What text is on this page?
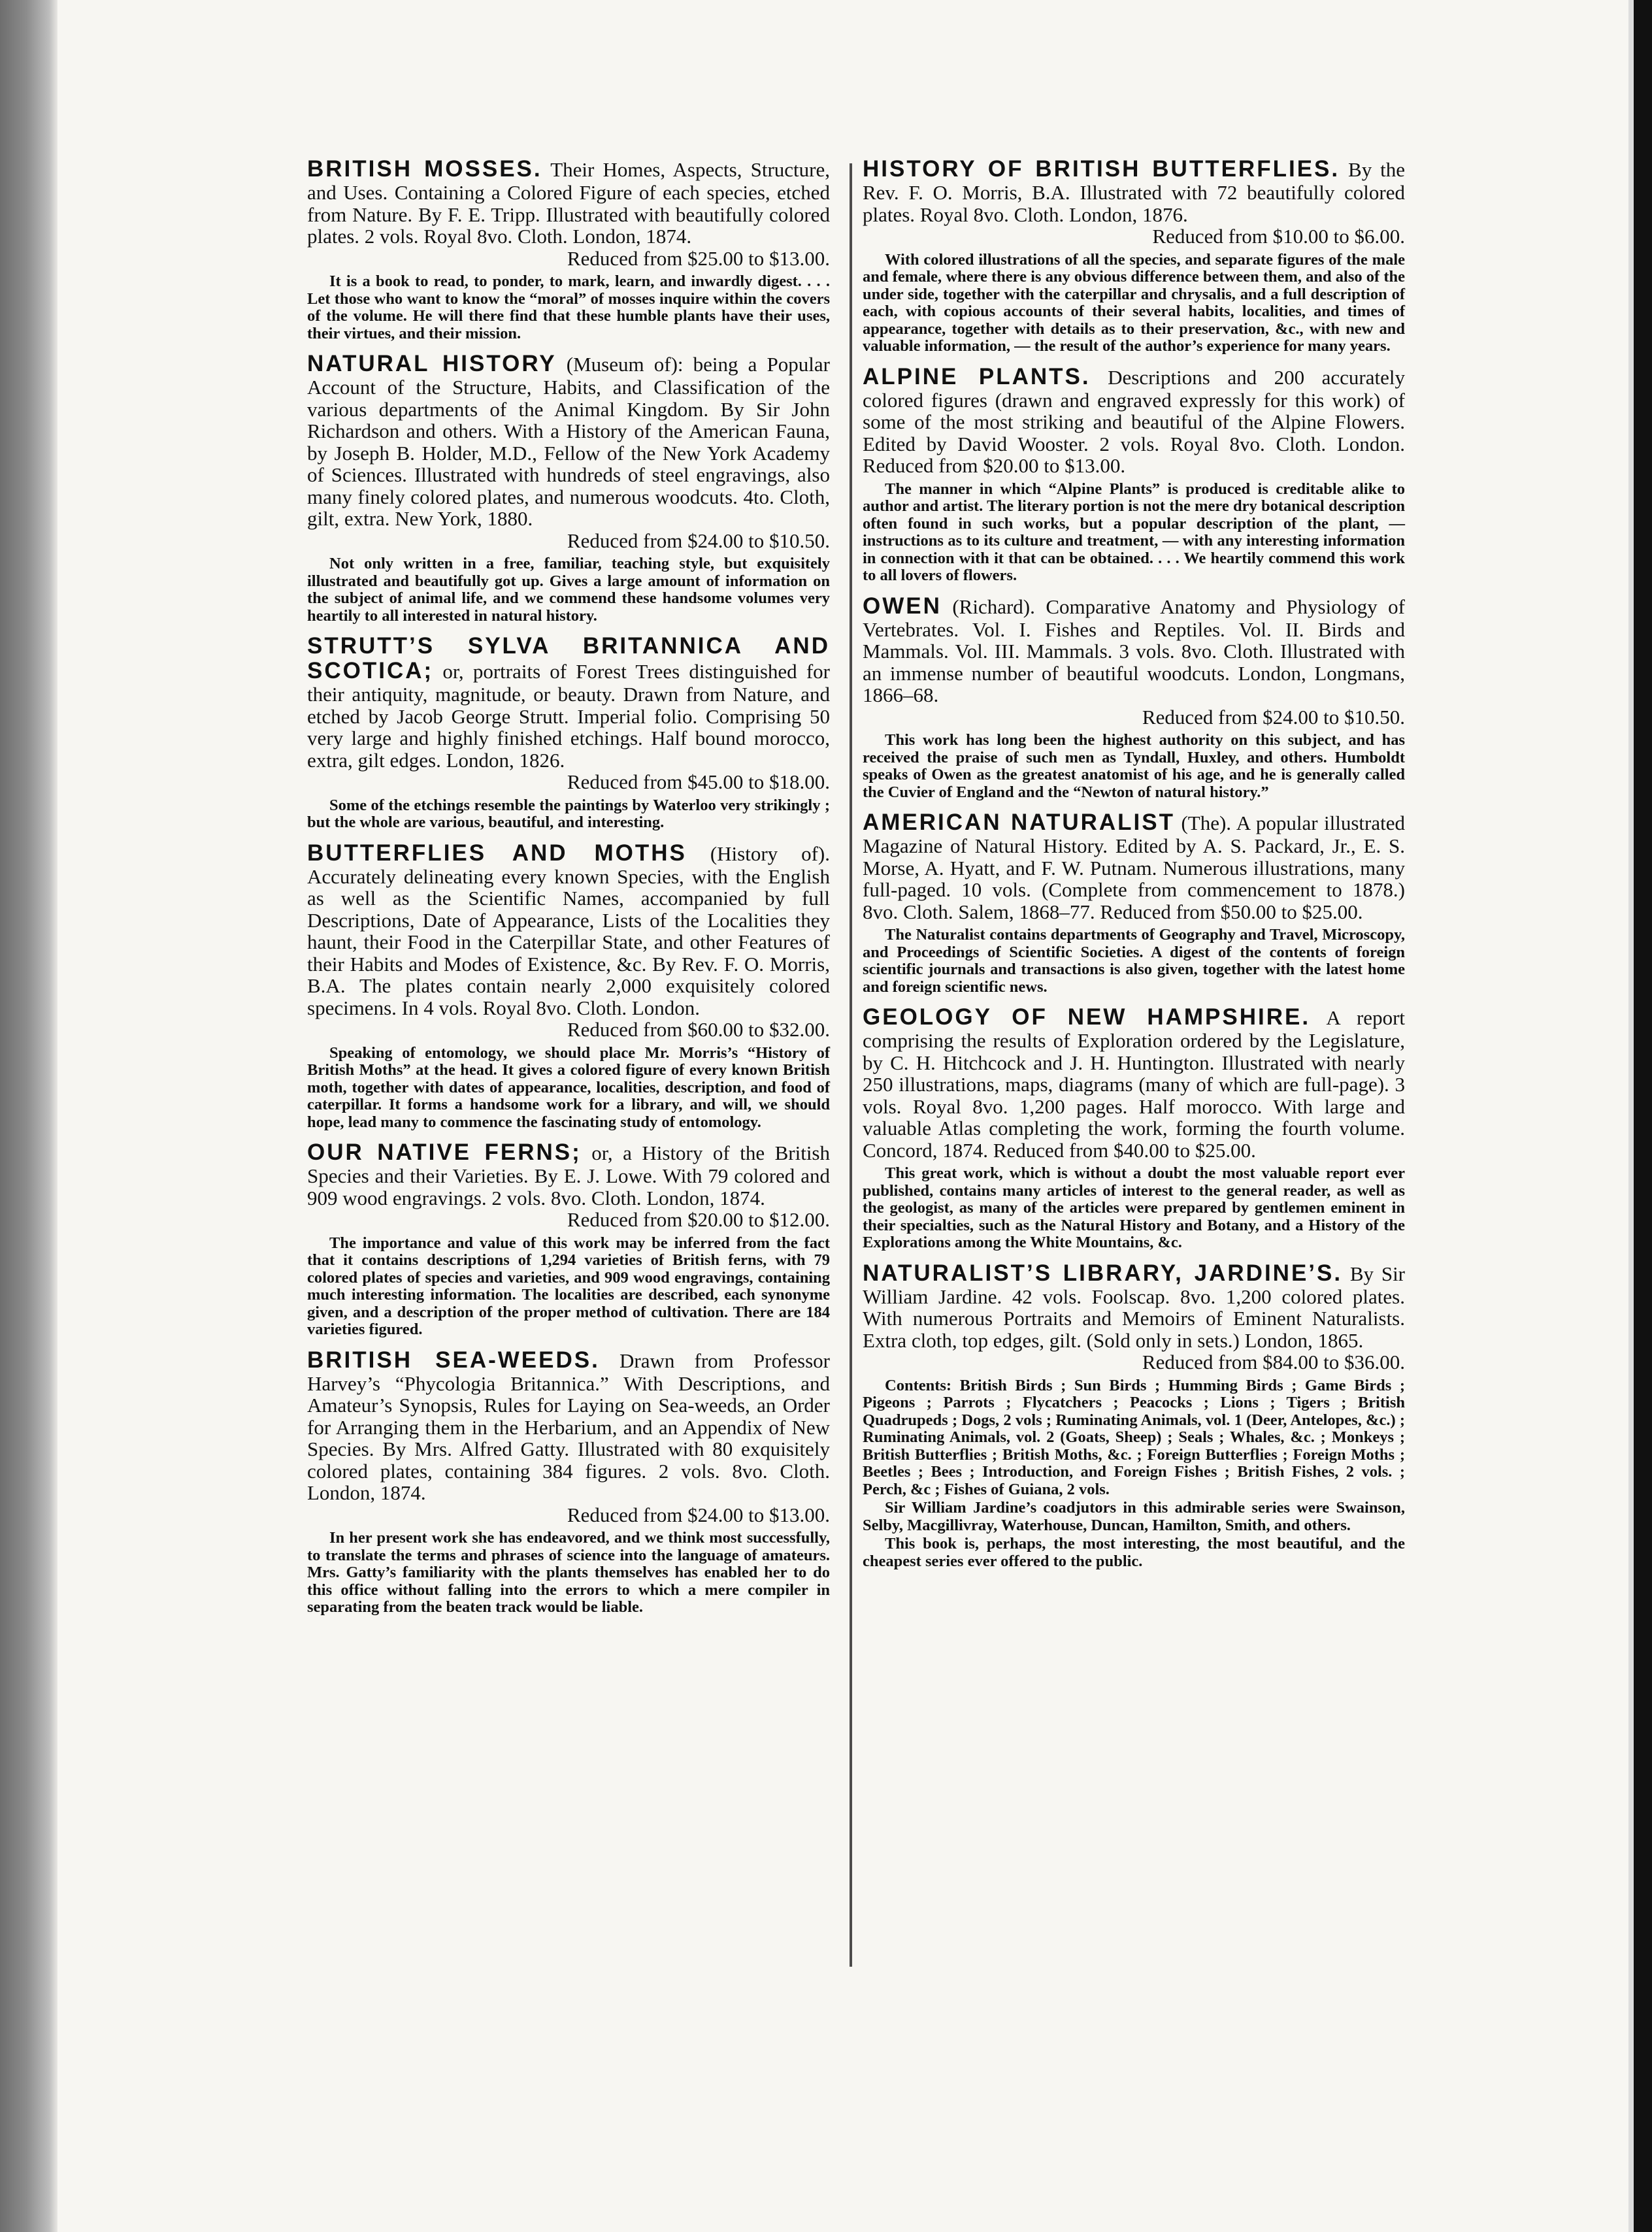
BRITISH MOSSES. Their Homes, Aspects, Structure, and Uses. Containing a Colored Figure of each species, etched from Nature. By F. E. Tripp. Illustrated with beautifully colored plates. 2 vols. Royal 8vo. Cloth. London, 1874.
Reduced from $25.00 to $13.00.
It is a book to read, to ponder, to mark, learn, and inwardly digest. . . . Let those who want to know the “moral” of mosses inquire within the covers of the volume. He will there find that these humble plants have their uses, their virtues, and their mission.
NATURAL HISTORY (Museum of): being a Popular Account of the Structure, Habits, and Classification of the various departments of the Animal Kingdom. By Sir John Richardson and others. With a History of the American Fauna, by Joseph B. Holder, M.D., Fellow of the New York Academy of Sciences. Illustrated with hundreds of steel engravings, also many finely colored plates, and numerous woodcuts. 4to. Cloth, gilt, extra. New York, 1880.
Reduced from $24.00 to $10.50.
Not only written in a free, familiar, teaching style, but exquisitely illustrated and beautifully got up. Gives a large amount of information on the subject of animal life, and we commend these handsome volumes very heartily to all interested in natural history.
STRUTT’S SYLVA BRITANNICA AND SCOTICA; or, portraits of Forest Trees distinguished for their antiquity, magnitude, or beauty. Drawn from Nature, and etched by Jacob George Strutt. Imperial folio. Comprising 50 very large and highly finished etchings. Half bound morocco, extra, gilt edges. London, 1826.
Reduced from $45.00 to $18.00.
Some of the etchings resemble the paintings by Waterloo very strikingly ; but the whole are various, beautiful, and interesting.
BUTTERFLIES AND MOTHS (History of). Accurately delineating every known Species, with the English as well as the Scientific Names, accompanied by full Descriptions, Date of Appearance, Lists of the Localities they haunt, their Food in the Caterpillar State, and other Features of their Habits and Modes of Existence, &c. By Rev. F. O. Morris, B.A. The plates contain nearly 2,000 exquisitely colored specimens. In 4 vols. Royal 8vo. Cloth. London.
Reduced from $60.00 to $32.00.
Speaking of entomology, we should place Mr. Morris’s “History of British Moths” at the head. It gives a colored figure of every known British moth, together with dates of appearance, localities, description, and food of caterpillar. It forms a handsome work for a library, and will, we should hope, lead many to commence the fascinating study of entomology.
OUR NATIVE FERNS; or, a History of the British Species and their Varieties. By E. J. Lowe. With 79 colored and 909 wood engravings. 2 vols. 8vo. Cloth. London, 1874.
Reduced from $20.00 to $12.00.
The importance and value of this work may be inferred from the fact that it contains descriptions of 1,294 varieties of British ferns, with 79 colored plates of species and varieties, and 909 wood engravings, containing much interesting information. The localities are described, each synonyme given, and a description of the proper method of cultivation. There are 184 varieties figured.
BRITISH SEA-WEEDS. Drawn from Professor Harvey’s “Phycologia Britannica.” With Descriptions, and Amateur’s Synopsis, Rules for Laying on Sea-weeds, an Order for Arranging them in the Herbarium, and an Appendix of New Species. By Mrs. Alfred Gatty. Illustrated with 80 exquisitely colored plates, containing 384 figures. 2 vols. 8vo. Cloth. London, 1874.
Reduced from $24.00 to $13.00.
In her present work she has endeavored, and we think most successfully, to translate the terms and phrases of science into the language of amateurs. Mrs. Gatty’s familiarity with the plants themselves has enabled her to do this office without falling into the errors to which a mere compiler in separating from the beaten track would be liable.
HISTORY OF BRITISH BUTTERFLIES. By the Rev. F. O. Morris, B.A. Illustrated with 72 beautifully colored plates. Royal 8vo. Cloth. London, 1876.
Reduced from $10.00 to $6.00.
With colored illustrations of all the species, and separate figures of the male and female, where there is any obvious difference between them, and also of the under side, together with the caterpillar and chrysalis, and a full description of each, with copious accounts of their several habits, localities, and times of appearance, together with details as to their preservation, &c., with new and valuable information, — the result of the author’s experience for many years.
ALPINE PLANTS. Descriptions and 200 accurately colored figures (drawn and engraved expressly for this work) of some of the most striking and beautiful of the Alpine Flowers. Edited by David Wooster. 2 vols. Royal 8vo. Cloth. London. Reduced from $20.00 to $13.00.
The manner in which “Alpine Plants” is produced is creditable alike to author and artist. The literary portion is not the mere dry botanical description often found in such works, but a popular description of the plant, — instructions as to its culture and treatment, — with any interesting information in connection with it that can be obtained. . . . We heartily commend this work to all lovers of flowers.
OWEN (Richard). Comparative Anatomy and Physiology of Vertebrates. Vol. I. Fishes and Reptiles. Vol. II. Birds and Mammals. Vol. III. Mammals. 3 vols. 8vo. Cloth. Illustrated with an immense number of beautiful woodcuts. London, Longmans, 1866–68.
Reduced from $24.00 to $10.50.
This work has long been the highest authority on this subject, and has received the praise of such men as Tyndall, Huxley, and others. Humboldt speaks of Owen as the greatest anatomist of his age, and he is generally called the Cuvier of England and the “Newton of natural history.”
AMERICAN NATURALIST (The). A popular illustrated Magazine of Natural History. Edited by A. S. Packard, Jr., E. S. Morse, A. Hyatt, and F. W. Putnam. Numerous illustrations, many full-paged. 10 vols. (Complete from commencement to 1878.) 8vo. Cloth. Salem, 1868–77. Reduced from $50.00 to $25.00.
The Naturalist contains departments of Geography and Travel, Microscopy, and Proceedings of Scientific Societies. A digest of the contents of foreign scientific journals and transactions is also given, together with the latest home and foreign scientific news.
GEOLOGY OF NEW HAMPSHIRE. A report comprising the results of Exploration ordered by the Legislature, by C. H. Hitchcock and J. H. Huntington. Illustrated with nearly 250 illustrations, maps, diagrams (many of which are full-page). 3 vols. Royal 8vo. 1,200 pages. Half morocco. With large and valuable Atlas completing the work, forming the fourth volume. Concord, 1874. Reduced from $40.00 to $25.00.
This great work, which is without a doubt the most valuable report ever published, contains many articles of interest to the general reader, as well as the geologist, as many of the articles were prepared by gentlemen eminent in their specialties, such as the Natural History and Botany, and a History of the Explorations among the White Mountains, &c.
NATURALIST’S LIBRARY, JARDINE’S. By Sir William Jardine. 42 vols. Foolscap. 8vo. 1,200 colored plates. With numerous Portraits and Memoirs of Eminent Naturalists. Extra cloth, top edges, gilt. (Sold only in sets.) London, 1865.
Reduced from $84.00 to $36.00.
Contents: British Birds ; Sun Birds ; Humming Birds ; Game Birds ; Pigeons ; Parrots ; Flycatchers ; Peacocks ; Lions ; Tigers ; British Quadrupeds ; Dogs, 2 vols ; Ruminating Animals, vol. 1 (Deer, Antelopes, &c.) ; Ruminating Animals, vol. 2 (Goats, Sheep) ; Seals ; Whales, &c. ; Monkeys ; British Butterflies ; British Moths, &c. ; Foreign Butterflies ; Foreign Moths ; Beetles ; Bees ; Introduction, and Foreign Fishes ; British Fishes, 2 vols. ; Perch, &c ; Fishes of Guiana, 2 vols.
Sir William Jardine’s coadjutors in this admirable series were Swainson, Selby, Macgillivray, Waterhouse, Duncan, Hamilton, Smith, and others.
This book is, perhaps, the most interesting, the most beautiful, and the cheapest series ever offered to the public.
